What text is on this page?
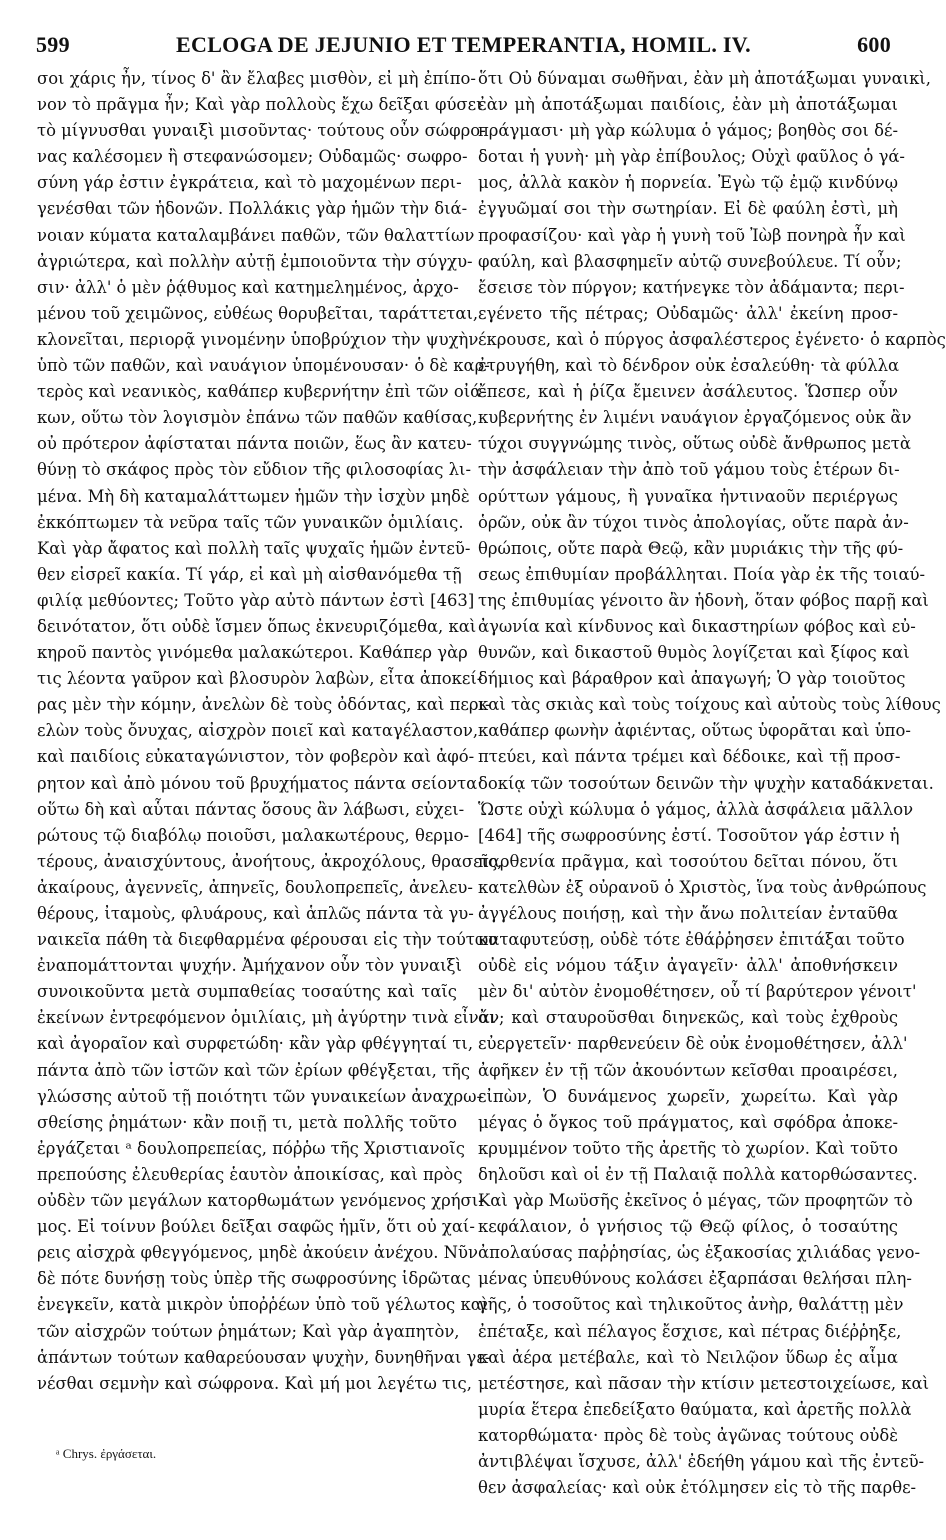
599	ECLOGA DE JEJUNIO ET TEMPERANTIA, HOMIL. IV.	600
σοι χάρις ἦν, τίνος δ' ἂν ἔλαβες μισθὸν, εἰ μὴ ἐπίπο-
νον τὸ πρᾶγμα ἦν; Καὶ γὰρ πολλοὺς ἔχω δεῖξαι φύσει
τὸ μίγνυσθαι γυναιξὶ μισοῦντας· τούτους οὖν σώφρο-
νας καλέσομεν ἢ στεφανώσομεν; Οὐδαμῶς· σωφρο-
σύνη γάρ ἐστιν ἐγκράτεια, καὶ τὸ μαχομένων περι-
γενέσθαι τῶν ἡδονῶν. Πολλάκις γὰρ ἡμῶν τὴν διά-
νοιαν κύματα καταλαμβάνει παθῶν, τῶν θαλαττίων
ἀγριώτερα, καὶ πολλὴν αὐτῇ ἐμποιοῦντα τὴν σύγχυ-
σιν· ἀλλ' ὁ μὲν ῥᾴθυμος καὶ κατημελημένος, ἀρχο-
μένου τοῦ χειμῶνος, εὐθέως θορυβεῖται, ταράττεται,
κλονεῖται, περιορᾷ γινομένην ὑποβρύχιον τὴν ψυχὴν
ὑπὸ τῶν παθῶν, καὶ ναυάγιον ὑπομένουσαν· ὁ δὲ καρ-
τερὸς καὶ νεανικὸς, καθάπερ κυβερνήτην ἐπὶ τῶν οἰά-
κων, οὕτω τὸν λογισμὸν ἐπάνω τῶν παθῶν καθίσας,
οὐ πρότερον ἀφίσταται πάντα ποιῶν, ἕως ἂν κατευ-
θύνῃ τὸ σκάφος πρὸς τὸν εὔδιον τῆς φιλοσοφίας λι-
μένα. Μὴ δὴ καταμαλάττωμεν ἡμῶν τὴν ἰσχὺν μηδὲ
ἐκκόπτωμεν τὰ νεῦρα ταῖς τῶν γυναικῶν ὁμιλίαις.
Καὶ γὰρ ἄφατος καὶ πολλὴ ταῖς ψυχαῖς ἡμῶν ἐντεῦ-
θεν εἰσρεῖ κακία. Τί γάρ, εἰ καὶ μὴ αἰσθανόμεθα τῇ
φιλίᾳ μεθύοντες; Τοῦτο γὰρ αὐτὸ πάντων ἐστὶ [463]
δεινότατον, ὅτι οὐδὲ ἴσμεν ὅπως ἐκνευριζόμεθα, καὶ
κηροῦ παντὸς γινόμεθα μαλακώτεροι. Καθάπερ γὰρ
τις λέοντα γαῦρον καὶ βλοσυρὸν λαβὼν, εἶτα ἀποκεί-
ρας μὲν τὴν κόμην, ἀνελὼν δὲ τοὺς ὀδόντας, καὶ περι-
ελὼν τοὺς ὄνυχας, αἰσχρὸν ποιεῖ καὶ καταγέλαστον,
καὶ παιδίοις εὐκαταγώνιστον, τὸν φοβερὸν καὶ ἀφό-
ρητον καὶ ἀπὸ μόνου τοῦ βρυχήματος πάντα σείοντα·
οὕτω δὴ καὶ αὗται πάντας ὅσους ἂν λάβωσι, εὐχει-
ρώτους τῷ διαβόλῳ ποιοῦσι, μαλακωτέρους, θερμο-
τέρους, ἀναισχύντους, ἀνοήτους, ἀκροχόλους, θρασεῖς,
ἀκαίρους, ἀγεννεῖς, ἀπηνεῖς, δουλοπρεπεῖς, ἀνελευ-
θέρους, ἰταμοὺς, φλυάρους, καὶ ἁπλῶς πάντα τὰ γυ-
ναικεῖα πάθη τὰ διεφθαρμένα φέρουσαι εἰς τὴν τούτων
ἐναπομάττονται ψυχήν. Ἀμήχανον οὖν τὸν γυναιξὶ
συνοικοῦντα μετὰ συμπαθείας τοσαύτης καὶ ταῖς
ἐκείνων ἐντρεφόμενον ὁμιλίαις, μὴ ἀγύρτην τινὰ εἶναι
καὶ ἀγοραῖον καὶ συρφετώδη· κἂν γὰρ φθέγγηταί τι,
πάντα ἀπὸ τῶν ἱστῶν καὶ τῶν ἐρίων φθέγξεται, τῆς
γλώσσης αὐτοῦ τῇ ποιότητι τῶν γυναικείων ἀναχρω-
σθείσης ῥημάτων· κἂν ποιῇ τι, μετὰ πολλῆς τοῦτο
ἐργάζεται ᵃ δουλοπρεπείας, πόῤῥω τῆς Χριστιανοῖς
πρεπούσης ἐλευθερίας ἑαυτὸν ἀποικίσας, καὶ πρὸς
οὐδὲν τῶν μεγάλων κατορθωμάτων γενόμενος χρήσι-
μος. Εἰ τοίνυν βούλει δεῖξαι σαφῶς ἡμῖν, ὅτι οὐ χαί-
ρεις αἰσχρὰ φθεγγόμενος, μηδὲ ἀκούειν ἀνέχου. Νῦν
δὲ πότε δυνήσῃ τοὺς ὑπὲρ τῆς σωφροσύνης ἱδρῶτας
ἐνεγκεῖν, κατὰ μικρὸν ὑποῤῥέων ὑπὸ τοῦ γέλωτος καὶ
τῶν αἰσχρῶν τούτων ῥημάτων; Καὶ γὰρ ἀγαπητὸν,
ἁπάντων τούτων καθαρεύουσαν ψυχὴν, δυνηθῆναι γε-
νέσθαι σεμνὴν καὶ σώφρονα. Καὶ μή μοι λεγέτω τις,
ὅτι Οὐ δύναμαι σωθῆναι, ἐὰν μὴ ἀποτάξωμαι γυναικὶ,
ἐὰν μὴ ἀποτάξωμαι παιδίοις, ἐὰν μὴ ἀποτάξωμαι
πράγμασι· μὴ γὰρ κώλυμα ὁ γάμος; βοηθὸς σοι δέ-
δοται ἡ γυνὴ· μὴ γὰρ ἐπίβουλος; Οὐχὶ φαῦλος ὁ γά-
μος, ἀλλὰ κακὸν ἡ πορνεία. Ἐγὼ τῷ ἐμῷ κινδύνῳ
ἐγγυῶμαί σοι τὴν σωτηρίαν. Εἰ δὲ φαύλη ἐστὶ, μὴ
προφασίζου· καὶ γὰρ ἡ γυνὴ τοῦ Ἰὼβ πονηρὰ ἦν καὶ
φαύλη, καὶ βλασφημεῖν αὐτῷ συνεβούλευε. Τί οὖν;
ἔσεισε τὸν πύργον; κατήνεγκε τὸν ἀδάμαντα; περι-
εγένετο τῆς πέτρας; Οὐδαμῶς· ἀλλ' ἐκείνη προσ-
έκρουσε, καὶ ὁ πύργος ἀσφαλέστερος ἐγένετο· ὁ καρπὸς
ἐτρυγήθη, καὶ τὸ δένδρον οὐκ ἐσαλεύθη· τὰ φύλλα
ἔπεσε, καὶ ἡ ῥίζα ἔμεινεν ἀσάλευτος. Ὥσπερ οὖν
κυβερνήτης ἐν λιμένι ναυάγιον ἐργαζόμενος οὐκ ἂν
τύχοι συγγνώμης τινὸς, οὕτως οὐδὲ ἄνθρωπος μετὰ
τὴν ἀσφάλειαν τὴν ἀπὸ τοῦ γάμου τοὺς ἑτέρων δι-
ορύττων γάμους, ἢ γυναῖκα ἡντιναοῦν περιέργως
ὁρῶν, οὐκ ἂν τύχοι τινὸς ἀπολογίας, οὔτε παρὰ ἀν-
θρώποις, οὔτε παρὰ Θεῷ, κἂν μυριάκις τὴν τῆς φύ-
σεως ἐπιθυμίαν προβάλληται. Ποία γὰρ ἐκ τῆς τοιαύ-
της ἐπιθυμίας γένοιτο ἂν ἡδονὴ, ὅταν φόβος παρῇ καὶ
ἀγωνία καὶ κίνδυνος καὶ δικαστηρίων φόβος καὶ εὐ-
θυνῶν, καὶ δικαστοῦ θυμὸς λογίζεται καὶ ξίφος καὶ
δήμιος καὶ βάραθρον καὶ ἀπαγωγή; Ὁ γὰρ τοιοῦτος
καὶ τὰς σκιὰς καὶ τοὺς τοίχους καὶ αὐτοὺς τοὺς λίθους
καθάπερ φωνὴν ἀφιέντας, οὕτως ὑφορᾶται καὶ ὑπο-
πτεύει, καὶ πάντα τρέμει καὶ δέδοικε, καὶ τῇ προσ-
δοκίᾳ τῶν τοσούτων δεινῶν τὴν ψυχὴν καταδάκνεται.
Ὥστε οὐχὶ κώλυμα ὁ γάμος, ἀλλὰ ἀσφάλεια μᾶλλον
[464] τῆς σωφροσύνης ἐστί. Τοσοῦτον γάρ ἐστιν ἡ
παρθενία πρᾶγμα, καὶ τοσούτου δεῖται πόνου, ὅτι
κατελθὼν ἐξ οὐρανοῦ ὁ Χριστὸς, ἵνα τοὺς ἀνθρώπους
ἀγγέλους ποιήσῃ, καὶ τὴν ἄνω πολιτείαν ἐνταῦθα
καταφυτεύσῃ, οὐδὲ τότε ἐθάῤῥησεν ἐπιτάξαι τοῦτο
οὐδὲ εἰς νόμου τάξιν ἀγαγεῖν· ἀλλ' ἀποθνήσκειν
μὲν δι' αὐτὸν ἐνομοθέτησεν, οὗ τί βαρύτερον γένοιτ'
ἄν; καὶ σταυροῦσθαι διηνεκῶς, καὶ τοὺς ἐχθροὺς
εὐεργετεῖν· παρθενεύειν δὲ οὐκ ἐνομοθέτησεν, ἀλλ'
ἀφῆκεν ἐν τῇ τῶν ἀκουόντων κεῖσθαι προαιρέσει,
εἰπὼν, Ὁ δυνάμενος χωρεῖν, χωρείτω. Καὶ γὰρ
μέγας ὁ ὄγκος τοῦ πράγματος, καὶ σφόδρα ἀποκε-
κρυμμένον τοῦτο τῆς ἀρετῆς τὸ χωρίον. Καὶ τοῦτο
δηλοῦσι καὶ οἱ ἐν τῇ Παλαιᾷ πολλὰ κατορθώσαντες.
Καὶ γὰρ Μωϋσῆς ἐκεῖνος ὁ μέγας, τῶν προφητῶν τὸ
κεφάλαιον, ὁ γνήσιος τῷ Θεῷ φίλος, ὁ τοσαύτης
ἀπολαύσας παῤῥησίας, ὡς ἑξακοσίας χιλιάδας γενο-
μένας ὑπευθύνους κολάσει ἐξαρπάσαι θελήσαι πλη-
γῆς, ὁ τοσοῦτος καὶ τηλικοῦτος ἀνὴρ, θαλάττῃ μὲν
ἐπέταξε, καὶ πέλαγος ἔσχισε, καὶ πέτρας διέῤῥηξε,
καὶ ἀέρα μετέβαλε, καὶ τὸ Νειλῷον ὕδωρ ἐς αἷμα
μετέστησε, καὶ πᾶσαν τὴν κτίσιν μετεστοιχείωσε, καὶ
μυρία ἕτερα ἐπεδείξατο θαύματα, καὶ ἀρετῆς πολλὰ
κατορθώματα· πρὸς δὲ τοὺς ἀγῶνας τούτους οὐδὲ
ἀντιβλέψαι ἴσχυσε, ἀλλ' ἐδεήθη γάμου καὶ τῆς ἐντεῦ-
θεν ἀσφαλείας· καὶ οὐκ ἐτόλμησεν εἰς τὸ τῆς παρθε-
ᵃ Chrys. ἐργάσεται.
